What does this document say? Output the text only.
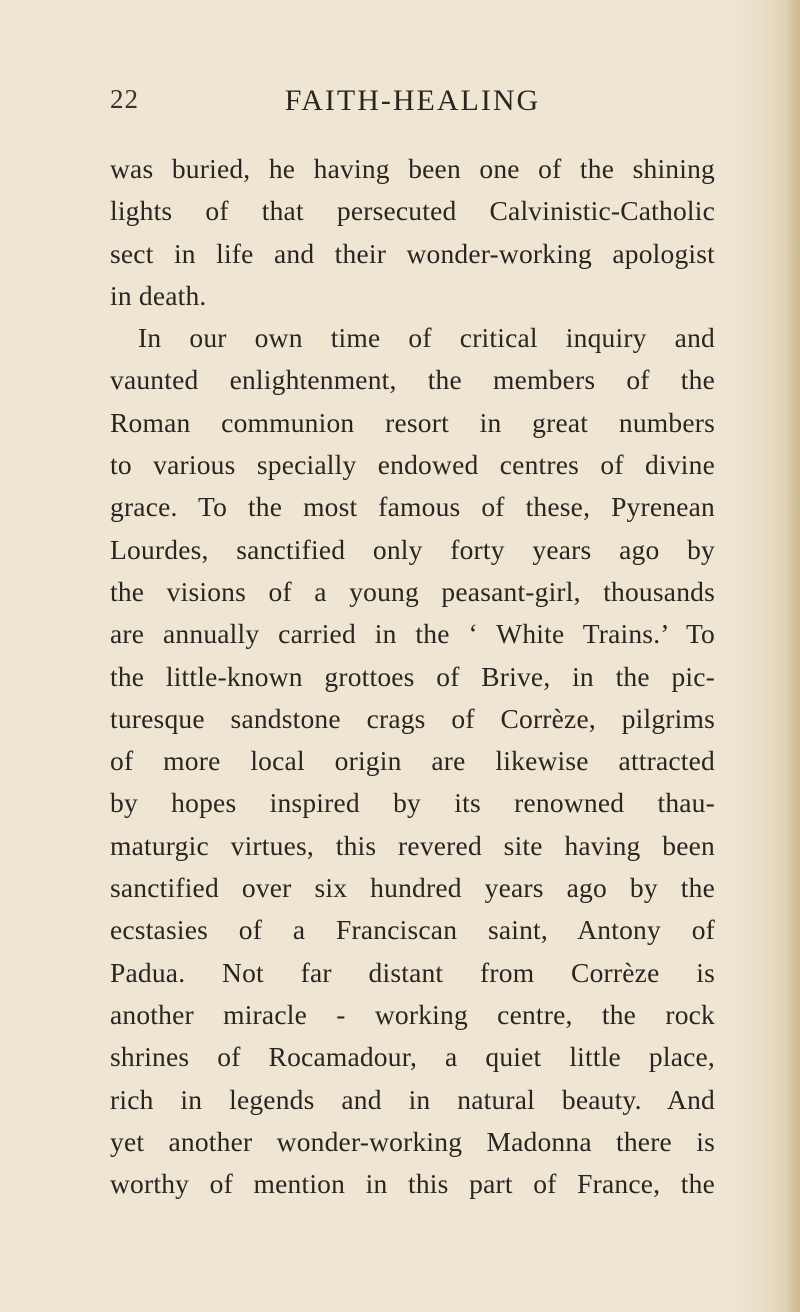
22	FAITH-HEALING
was buried, he having been one of the shining
lights of that persecuted Calvinistic-Catholic
sect in life and their wonder-working apologist
in death.
In our own time of critical inquiry and
vaunted enlightenment, the members of the
Roman communion resort in great numbers
to various specially endowed centres of divine
grace. To the most famous of these, Pyrenean
Lourdes, sanctified only forty years ago by
the visions of a young peasant-girl, thousands
are annually carried in the ‘ White Trains.’ To
the little-known grottoes of Brive, in the pic-
turesque sandstone crags of Corrèze, pilgrims
of more local origin are likewise attracted
by hopes inspired by its renowned thau-
maturgic virtues, this revered site having been
sanctified over six hundred years ago by the
ecstasies of a Franciscan saint, Antony of
Padua. Not far distant from Corrèze is
another miracle - working centre, the rock
shrines of Rocamadour, a quiet little place,
rich in legends and in natural beauty. And
yet another wonder-working Madonna there is
worthy of mention in this part of France, the
